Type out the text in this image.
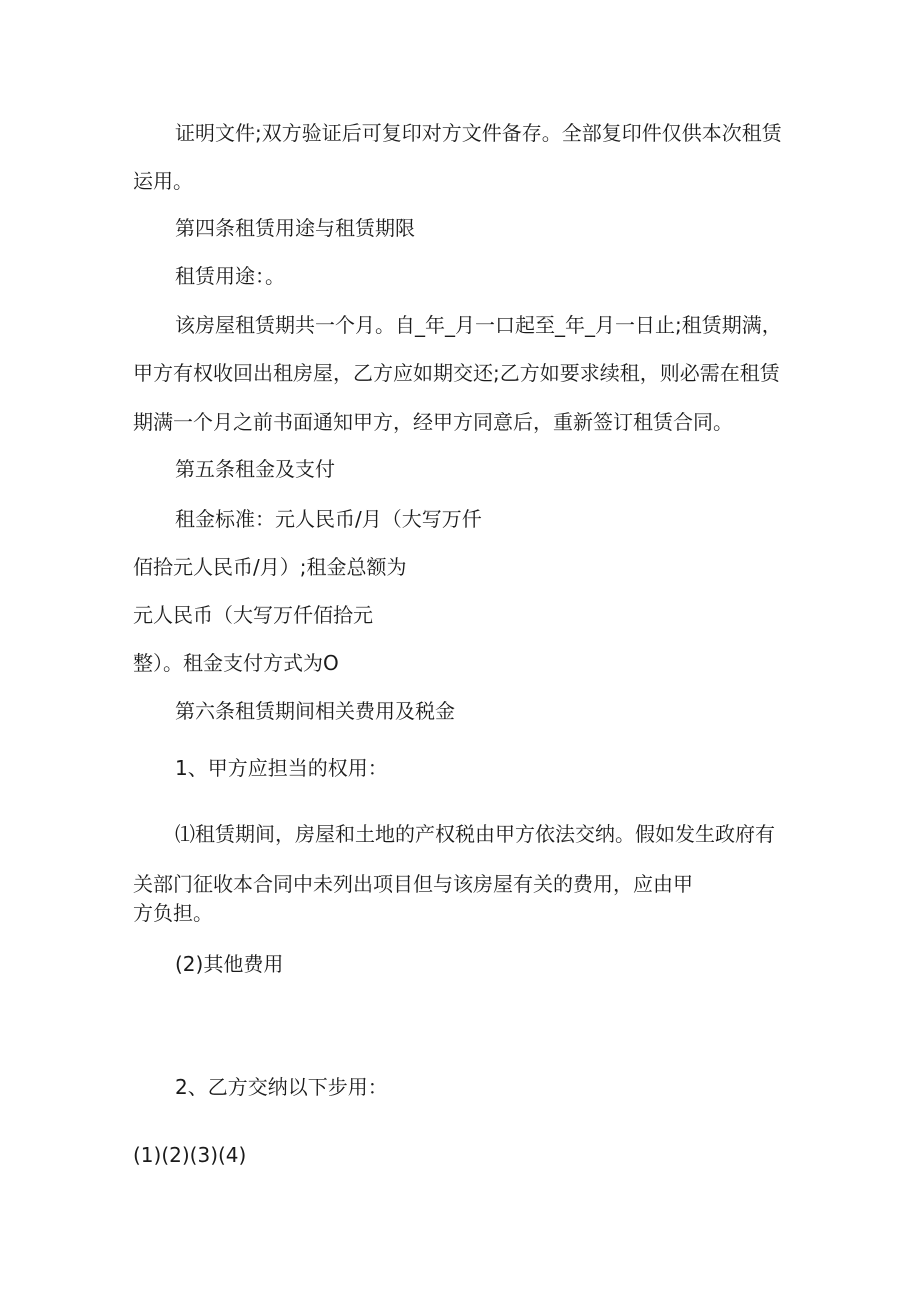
证明文件;双方验证后可复印对方文件备存。全部复印件仅供本次租赁

运用。

第四条租赁用途与租赁期限

租赁用途：。

该房屋租赁期共一个月。自_年_月一口起至_年_月一日止;租赁期满，

甲方有权收回出租房屋，乙方应如期交还;乙方如要求续租，则必需在租赁

期满一个月之前书面通知甲方，经甲方同意后，重新签订租赁合同。

第五条租金及支付

租金标准：元人民币/月（大写万仟

佰拾元人民币/月）;租金总额为

元人民币（大写万仟佰拾元

整）。租金支付方式为O

第六条租赁期间相关费用及税金

1、甲方应担当的权用：

⑴租赁期间，房屋和土地的产权税由甲方依法交纳。假如发生政府有

关部门征收本合同中未列出项目但与该房屋有关的费用，应由甲

方负担。

(2)其他费用

2、乙方交纳以下步用：

(1)(2)(3)(4)
